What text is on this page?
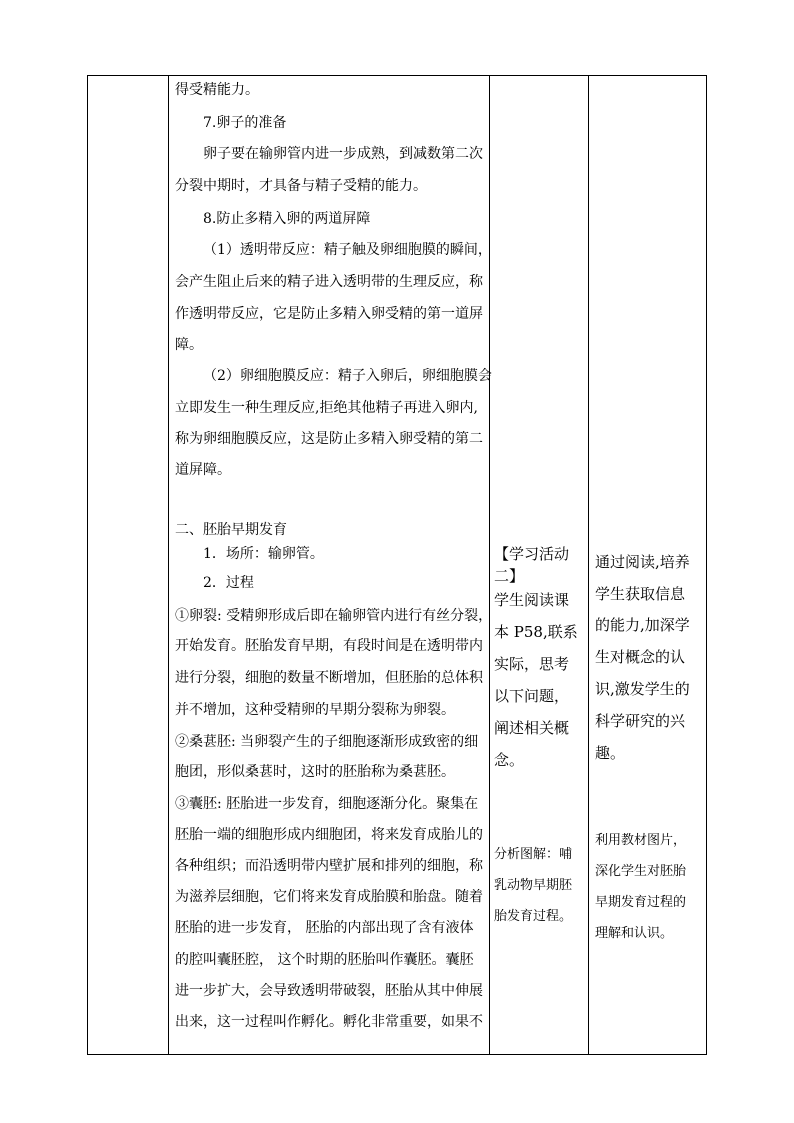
得受精能力。
7.卵子的准备
卵子要在输卵管内进一步成熟，到减数第二次
分裂中期时，才具备与精子受精的能力。
8.防止多精入卵的两道屏障
（1）透明带反应：精子触及卵细胞膜的瞬间，
会产生阻止后来的精子进入透明带的生理反应，称
作透明带反应，它是防止多精入卵受精的第一道屏
障。
（2）卵细胞膜反应：精子入卵后，卵细胞膜会
立即发生一种生理反应,拒绝其他精子再进入卵内,
称为卵细胞膜反应，这是防止多精入卵受精的第二
道屏障。
二、胚胎早期发育
1．场所：输卵管。
2．过程
①卵裂: 受精卵形成后即在输卵管内进行有丝分裂，
开始发育。胚胎发育早期，有段时间是在透明带内
进行分裂，细胞的数量不断增加，但胚胎的总体积
并不增加，这种受精卵的早期分裂称为卵裂。
②桑葚胚: 当卵裂产生的子细胞逐渐形成致密的细
胞团，形似桑葚时，这时的胚胎称为桑葚胚。
③囊胚: 胚胎进一步发育，细胞逐渐分化。聚集在
胚胎一端的细胞形成内细胞团，将来发育成胎儿的
各种组织；而沿透明带内壁扩展和排列的细胞，称
为滋养层细胞，它们将来发育成胎膜和胎盘。随着
胚胎的进一步发育， 胚胎的内部出现了含有液体
的腔叫囊胚腔， 这个时期的胚胎叫作囊胚。囊胚
进一步扩大，会导致透明带破裂，胚胎从其中伸展
出来，这一过程叫作孵化。孵化非常重要，如果不
【学习活动
二】
学生阅读课
本 P58,联系
实际，思考
以下问题，
阐述相关概
念。
分析图解：哺
乳动物早期胚
胎发育过程。
通过阅读,培养
学生获取信息
的能力,加深学
生对概念的认
识,激发学生的
科学研究的兴
趣。
利用教材图片，
深化学生对胚胎
早期发育过程的
理解和认识。
